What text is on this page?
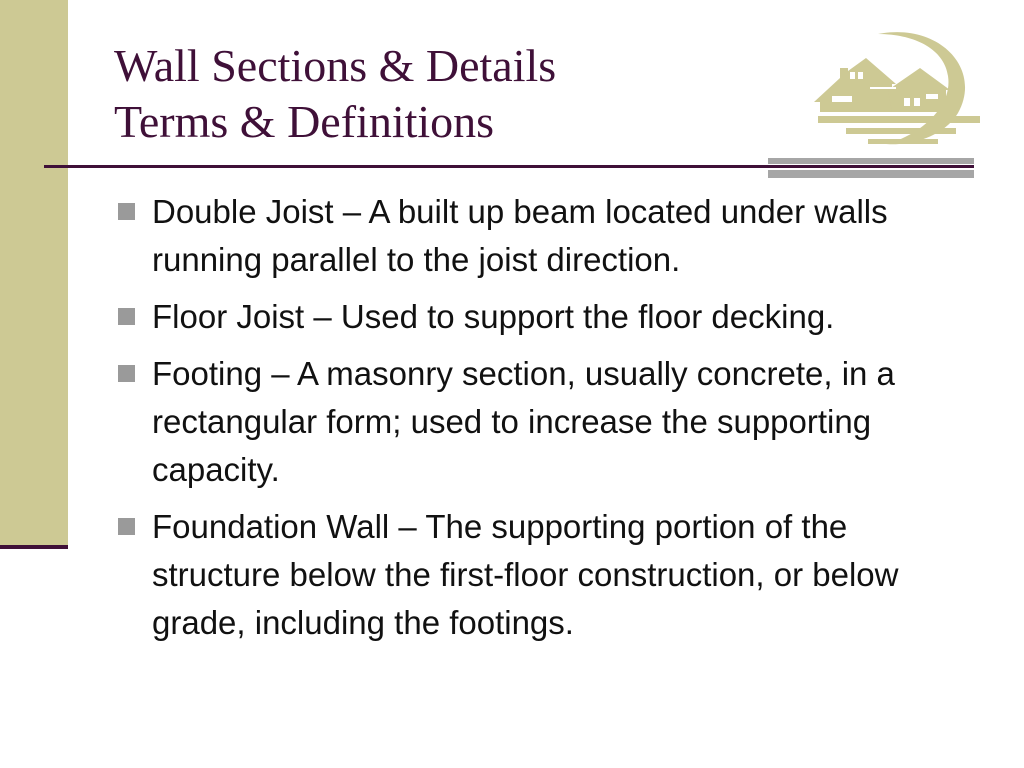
Wall Sections & Details
Terms & Definitions
Double Joist – A built up beam located under walls running parallel to the joist direction.
Floor Joist – Used to support the floor decking.
Footing – A masonry section, usually concrete, in a rectangular form; used to increase the supporting capacity.
Foundation Wall – The supporting portion of the structure below the first-floor construction, or below grade, including the footings.
